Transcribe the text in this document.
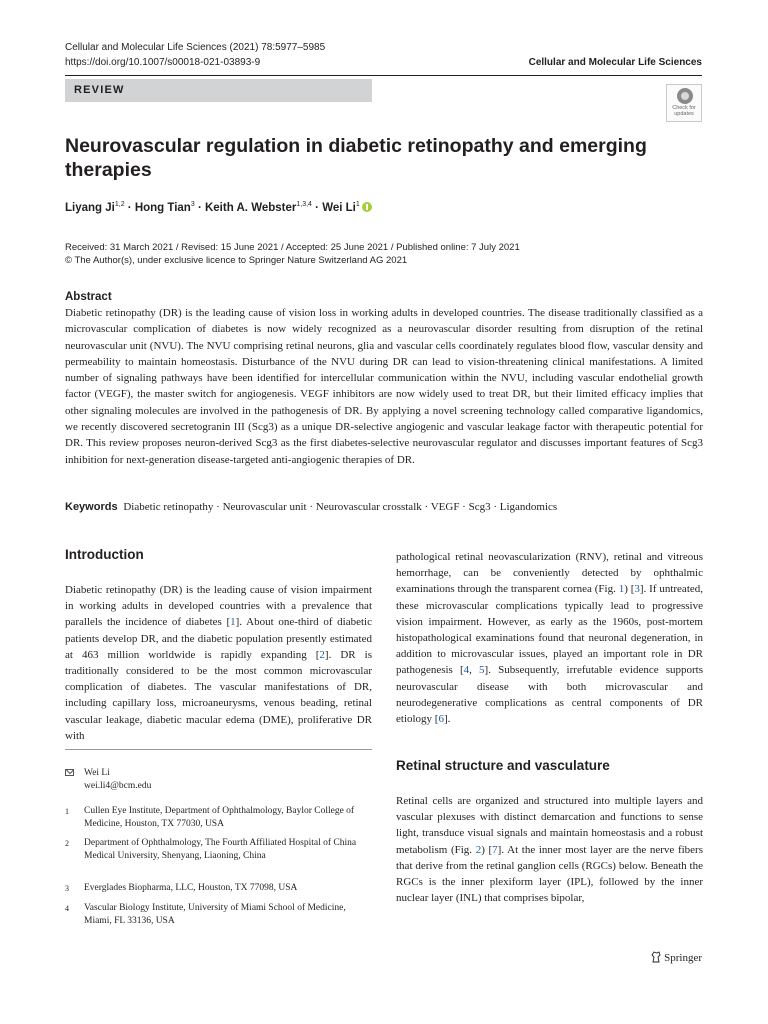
Cellular and Molecular Life Sciences (2021) 78:5977–5985
https://doi.org/10.1007/s00018-021-03893-9	Cellular and Molecular Life Sciences
REVIEW
Check for
updates
Neurovascular regulation in diabetic retinopathy and emerging therapies
Liyang Ji$^{1,2}$ · Hong Tian$^3$ · Keith A. Webster$^{1,3,4}$ · Wei Li$^1$
Received: 31 March 2021 / Revised: 15 June 2021 / Accepted: 25 June 2021 / Published online: 7 July 2021
© The Author(s), under exclusive licence to Springer Nature Switzerland AG 2021
Abstract
Diabetic retinopathy (DR) is the leading cause of vision loss in working adults in developed countries. The disease traditionally classified as a microvascular complication of diabetes is now widely recognized as a neurovascular disorder resulting from disruption of the retinal neurovascular unit (NVU). The NVU comprising retinal neurons, glia and vascular cells coordinately regulates blood flow, vascular density and permeability to maintain homeostasis. Disturbance of the NVU during DR can lead to vision-threatening clinical manifestations. A limited number of signaling pathways have been identified for intercellular communication within the NVU, including vascular endothelial growth factor (VEGF), the master switch for angiogenesis. VEGF inhibitors are now widely used to treat DR, but their limited efficacy implies that other signaling molecules are involved in the pathogenesis of DR. By applying a novel screening technology called comparative ligandomics, we recently discovered secretogranin III (Scg3) as a unique DR-selective angiogenic and vascular leakage factor with therapeutic potential for DR. This review proposes neuron-derived Scg3 as the first diabetes-selective neurovascular regulator and discusses important features of Scg3 inhibition for next-generation disease-targeted anti-angiogenic therapies of DR.
Keywords Diabetic retinopathy · Neurovascular unit · Neurovascular crosstalk · VEGF · Scg3 · Ligandomics
Introduction
Diabetic retinopathy (DR) is the leading cause of vision impairment in working adults in developed countries with a prevalence that parallels the incidence of diabetes [1]. About one-third of diabetic patients develop DR, and the diabetic population presently estimated at 463 million worldwide is rapidly expanding [2]. DR is traditionally considered to be the most common microvascular complication of diabetes. The vascular manifestations of DR, including capillary loss, microaneurysms, venous beading, retinal vascular leakage, diabetic macular edema (DME), proliferative DR with
pathological retinal neovascularization (RNV), retinal and vitreous hemorrhage, can be conveniently detected by ophthalmic examinations through the transparent cornea (Fig. 1) [3]. If untreated, these microvascular complications typically lead to progressive vision impairment. However, as early as the 1960s, post-mortem histopathological examinations found that neuronal degeneration, in addition to microvascular issues, played an important role in DR pathogenesis [4, 5]. Subsequently, irrefutable evidence supports neurovascular disease with both microvascular and neurodegenerative complications as central components of DR etiology [6].
Retinal structure and vasculature
Retinal cells are organized and structured into multiple layers and vascular plexuses with distinct demarcation and functions to sense light, transduce visual signals and maintain homeostasis and a robust metabolism (Fig. 2) [7]. At the inner most layer are the nerve fibers that derive from the retinal ganglion cells (RGCs) below. Beneath the RGCs is the inner plexiform layer (IPL), followed by the inner nuclear layer (INL) that comprises bipolar,
Wei Li
wei.li4@bcm.edu
1 Cullen Eye Institute, Department of Ophthalmology, Baylor College of Medicine, Houston, TX 77030, USA
2 Department of Ophthalmology, The Fourth Affiliated Hospital of China Medical University, Shenyang, Liaoning, China
3 Everglades Biopharma, LLC, Houston, TX 77098, USA
4 Vascular Biology Institute, University of Miami School of Medicine, Miami, FL 33136, USA
Springer
